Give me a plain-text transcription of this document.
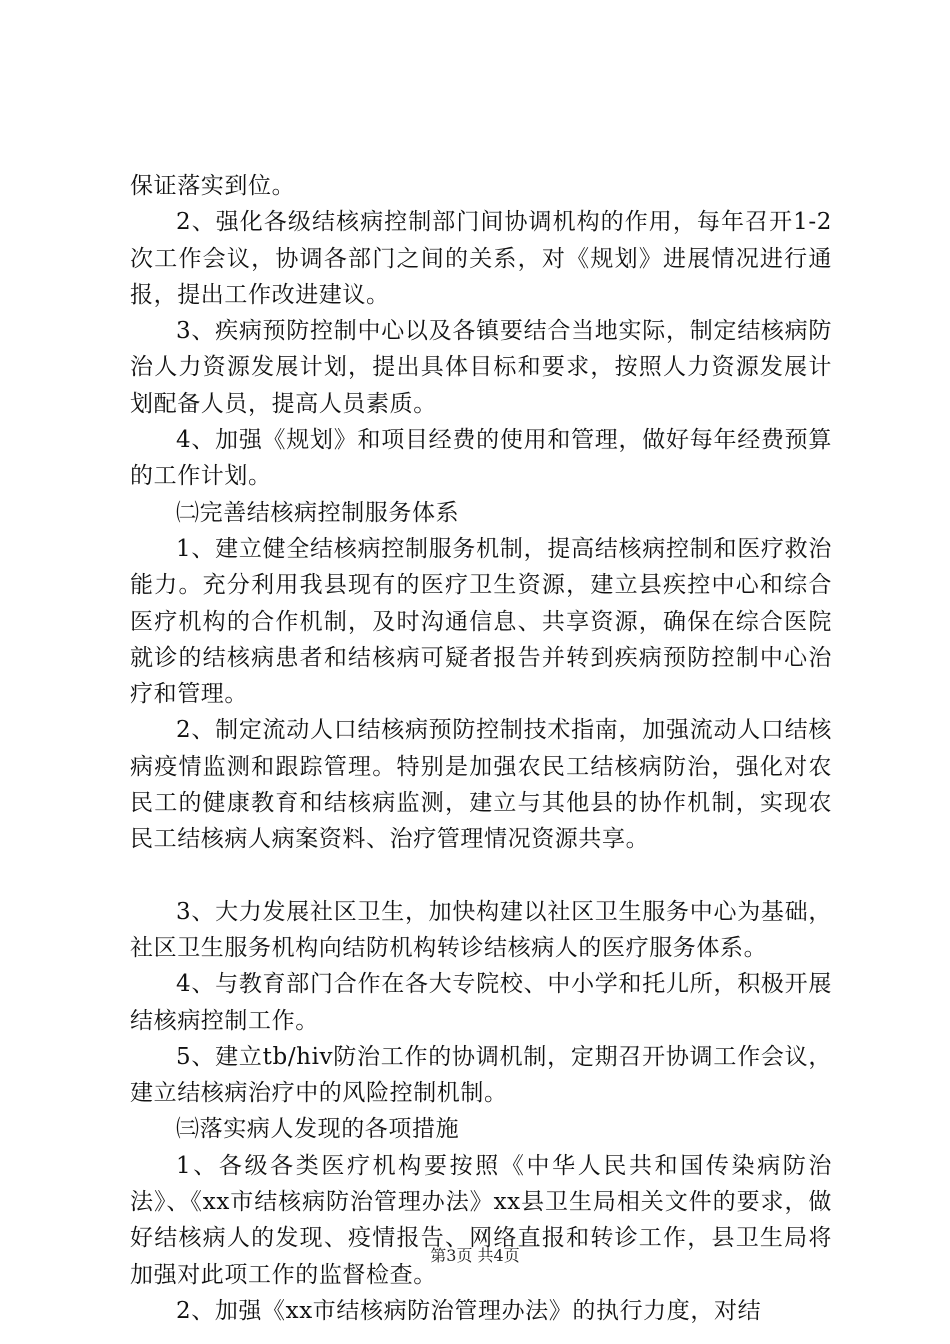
保证落实到位。

2、强化各级结核病控制部门间协调机构的作用，每年召开1-2次工作会议，协调各部门之间的关系，对《规划》进展情况进行通报，提出工作改进建议。

3、疾病预防控制中心以及各镇要结合当地实际，制定结核病防治人力资源发展计划，提出具体目标和要求，按照人力资源发展计划配备人员，提高人员素质。

4、加强《规划》和项目经费的使用和管理，做好每年经费预算的工作计划。

㈡完善结核病控制服务体系

1、建立健全结核病控制服务机制，提高结核病控制和医疗救治能力。充分利用我县现有的医疗卫生资源，建立县疾控中心和综合医疗机构的合作机制，及时沟通信息、共享资源，确保在综合医院就诊的结核病患者和结核病可疑者报告并转到疾病预防控制中心治疗和管理。

2、制定流动人口结核病预防控制技术指南，加强流动人口结核病疫情监测和跟踪管理。特别是加强农民工结核病防治，强化对农民工的健康教育和结核病监测，建立与其他县的协作机制，实现农民工结核病人病案资料、治疗管理情况资源共享。

3、大力发展社区卫生，加快构建以社区卫生服务中心为基础，社区卫生服务机构向结防机构转诊结核病人的医疗服务体系。

4、与教育部门合作在各大专院校、中小学和托儿所，积极开展结核病控制工作。

5、建立tb/hiv防治工作的协调机制，定期召开协调工作会议，建立结核病治疗中的风险控制机制。

㈢落实病人发现的各项措施

1、各级各类医疗机构要按照《中华人民共和国传染病防治法》、《xx市结核病防治管理办法》xx县卫生局相关文件的要求，做好结核病人的发现、疫情报告、网络直报和转诊工作，县卫生局将加强对此项工作的监督检查。

2、加强《xx市结核病防治管理办法》的执行力度，对结

第3页 共4页
